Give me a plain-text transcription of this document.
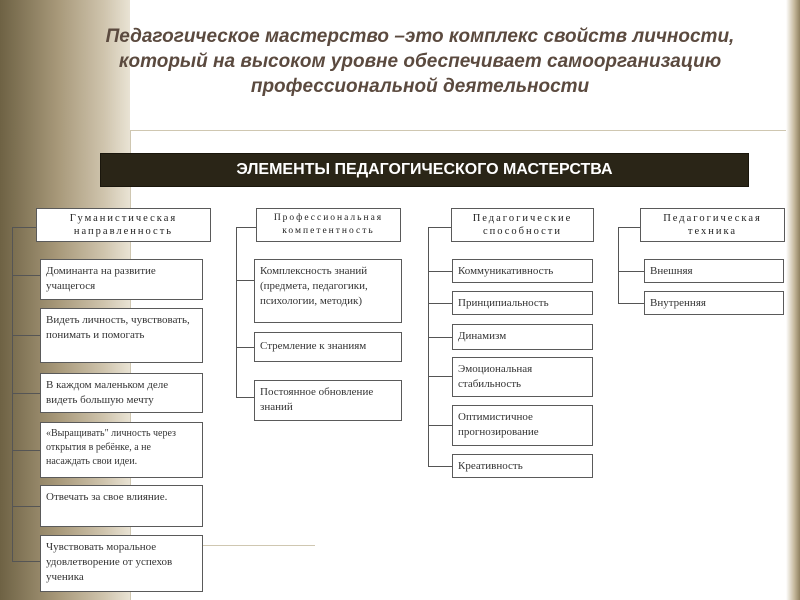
Педагогическое мастерство –это комплекс свойств личности, который на высоком уровне обеспечивает самоорганизацию профессиональной деятельности
ЭЛЕМЕНТЫ ПЕДАГОГИЧЕСКОГО МАСТЕРСТВА
Гуманистическая направленность
Доминанта на развитие учащегося
Видеть личность, чувствовать, понимать и помогать
В каждом маленьком деле видеть большую мечту
«Выращивать" личность через открытия в ребёнке, а не насаждать свои идеи.
Отвечать за свое влияние.
Чувствовать моральное удовлетворение от успехов ученика
Профессиональная компетентность
Комплексность знаний (предмета, педагогики, психологии, методик)
Стремление к знаниям
Постоянное обновление знаний
Педагогические способности
Коммуникативность
Принципиальность
Динамизм
Эмоциональная стабильность
Оптимистичное прогнозирование
Креативность
Педагогическая техника
Внешняя
Внутренняя
